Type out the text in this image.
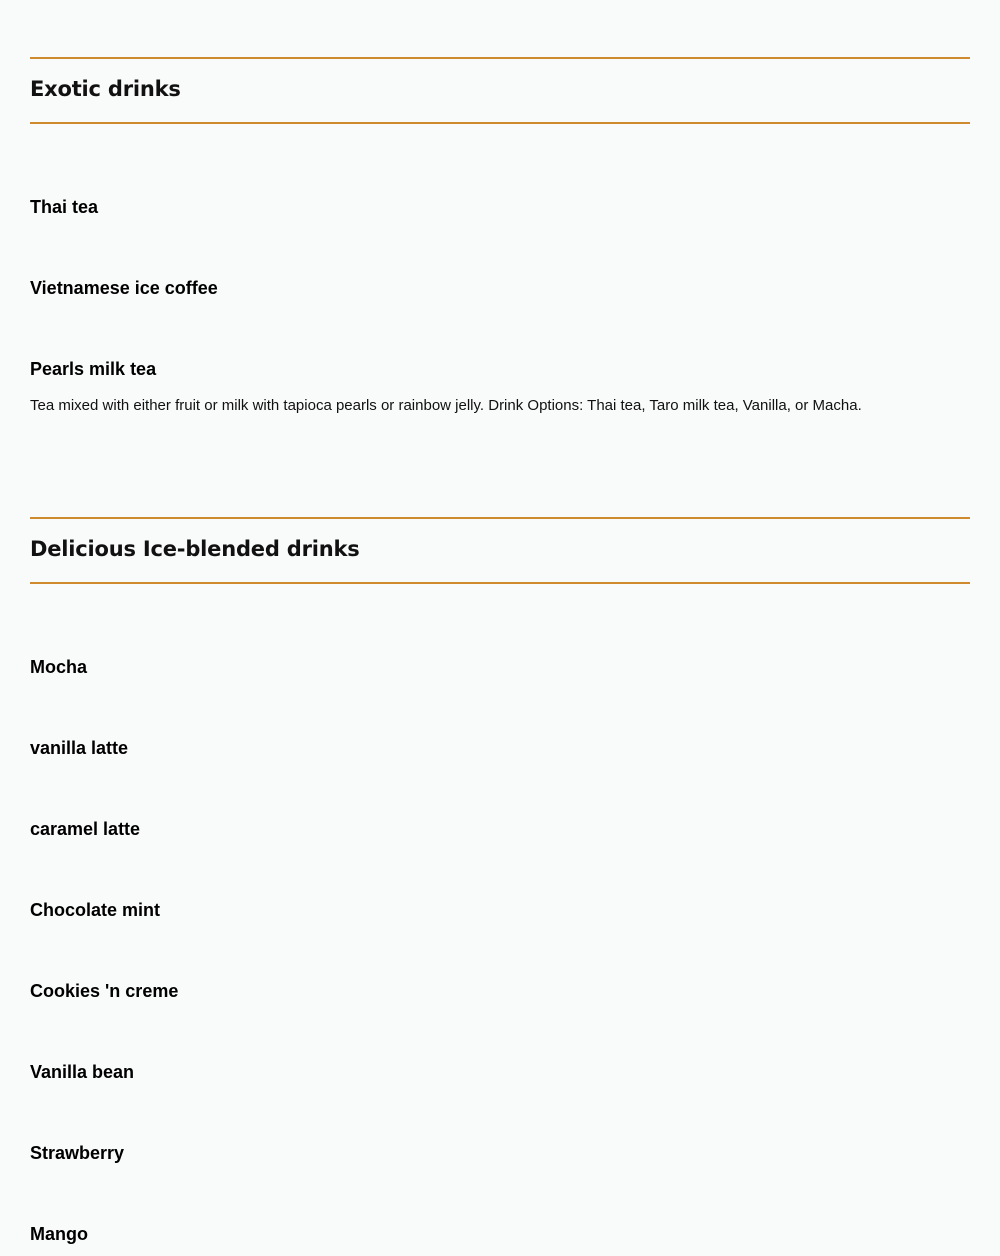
Exotic drinks
Thai tea
Vietnamese ice coffee
Pearls milk tea

Tea mixed with either fruit or milk with tapioca pearls or rainbow jelly. Drink Options: Thai tea, Taro milk tea, Vanilla, or Macha.

Delicious Ice-blended drinks
Mocha
vanilla latte
caramel latte
Chocolate mint
Cookies 'n creme
Vanilla bean
Strawberry
Mango
